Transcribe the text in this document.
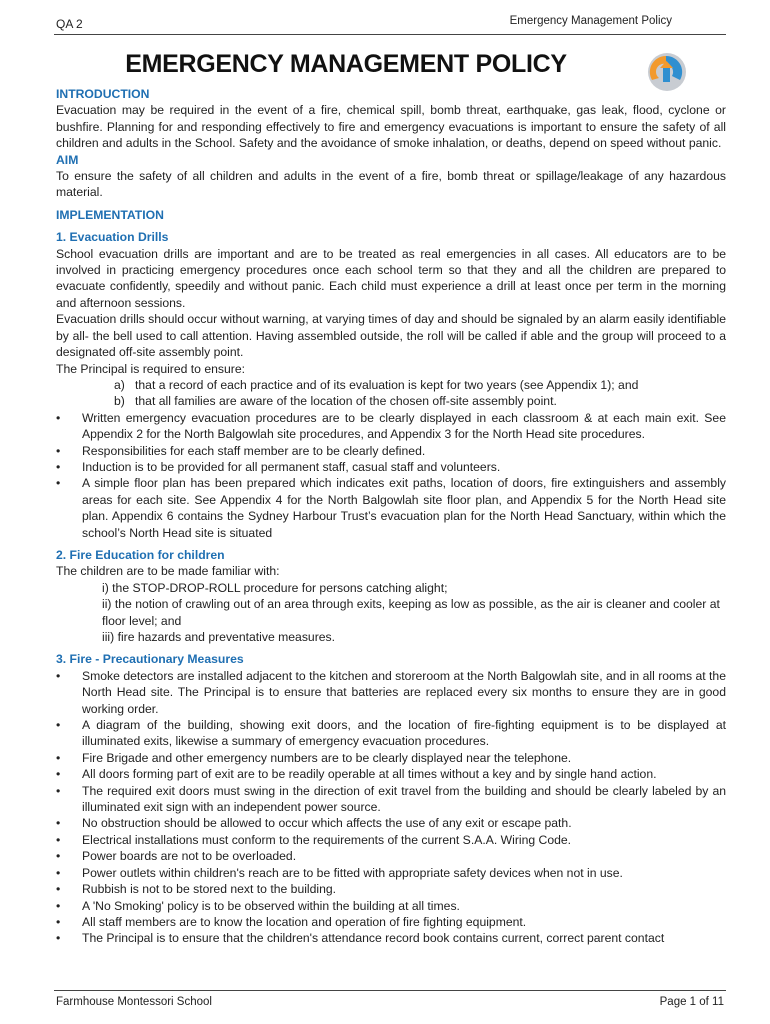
QA 2	Emergency Management Policy
EMERGENCY MANAGEMENT POLICY

INTRODUCTION

Evacuation may be required in the event of a fire, chemical spill, bomb threat, earthquake, gas leak, flood, cyclone or bushfire. Planning for and responding effectively to fire and emergency evacuations is important to ensure the safety of all children and adults in the School. Safety and the avoidance of smoke inhalation, or deaths, depend on speed without panic.

AIM

To ensure the safety of all children and adults in the event of a fire, bomb threat or spillage/leakage of any hazardous material.

IMPLEMENTATION

1. Evacuation Drills

School evacuation drills are important and are to be treated as real emergencies in all cases. All educators are to be involved in practicing emergency procedures once each school term so that they and all the children are prepared to evacuate confidently, speedily and without panic. Each child must experience a drill at least once per term in the morning and afternoon sessions.

Evacuation drills should occur without warning, at varying times of day and should be signaled by an alarm easily identifiable by all- the bell used to call attention. Having assembled outside, the roll will be called if able and the group will proceed to a designated off-site assembly point.

The Principal is required to ensure:

a) that a record of each practice and of its evaluation is kept for two years (see Appendix 1); and

b) that all families are aware of the location of the chosen off-site assembly point.

• Written emergency evacuation procedures are to be clearly displayed in each classroom & at each main exit. See Appendix 2 for the North Balgowlah site procedures, and Appendix 3 for the North Head site procedures.

• Responsibilities for each staff member are to be clearly defined.

• Induction is to be provided for all permanent staff, casual staff and volunteers.

• A simple floor plan has been prepared which indicates exit paths, location of doors, fire extinguishers and assembly areas for each site. See Appendix 4 for the North Balgowlah site floor plan, and Appendix 5 for the North Head site plan. Appendix 6 contains the Sydney Harbour Trust’s evacuation plan for the North Head Sanctuary, within which the school’s North Head site is situated

2. Fire Education for children

The children are to be made familiar with:

i) the STOP-DROP-ROLL procedure for persons catching alight;

ii) the notion of crawling out of an area through exits, keeping as low as possible, as the air is cleaner and cooler at floor level; and

iii) fire hazards and preventative measures.

3. Fire - Precautionary Measures

• Smoke detectors are installed adjacent to the kitchen and storeroom at the North Balgowlah site, and in all rooms at the North Head site. The Principal is to ensure that batteries are replaced every six months to ensure they are in good working order.

• A diagram of the building, showing exit doors, and the location of fire-fighting equipment is to be displayed at illuminated exits, likewise a summary of emergency evacuation procedures.

• Fire Brigade and other emergency numbers are to be clearly displayed near the telephone.

• All doors forming part of exit are to be readily operable at all times without a key and by single hand action.

• The required exit doors must swing in the direction of exit travel from the building and should be clearly labeled by an illuminated exit sign with an independent power source.

• No obstruction should be allowed to occur which affects the use of any exit or escape path.

• Electrical installations must conform to the requirements of the current S.A.A. Wiring Code.

• Power boards are not to be overloaded.

• Power outlets within children's reach are to be fitted with appropriate safety devices when not in use.

• Rubbish is not to be stored next to the building.

• A 'No Smoking' policy is to be observed within the building at all times.

• All staff members are to know the location and operation of fire fighting equipment.

• The Principal is to ensure that the children's attendance record book contains current, correct parent contact

Farmhouse Montessori School	Page 1 of 11
